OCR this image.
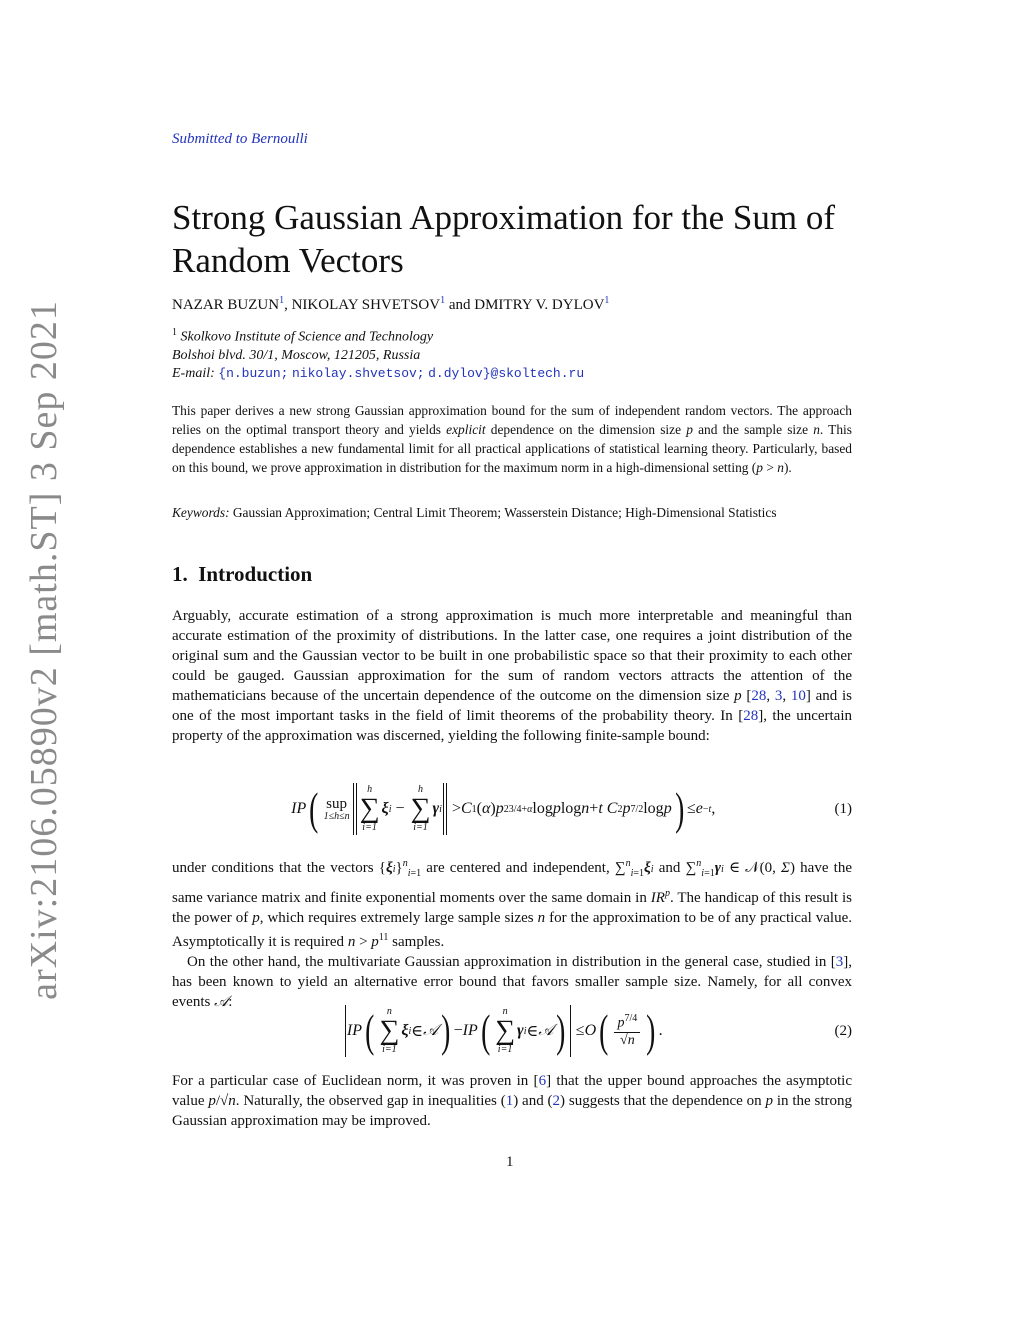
arXiv:2106.05890v2 [math.ST] 3 Sep 2021
Submitted to Bernoulli
Strong Gaussian Approximation for the Sum of Random Vectors
NAZAR BUZUN$^1$, NIKOLAY SHVETSOV$^1$ and DMITRY V. DYLOV$^1$
$^1$ Skolkovo Institute of Science and Technology
Bolshoi blvd. 30/1, Moscow, 121205, Russia
E-mail: {n.buzun; nikolay.shvetsov; d.dylov}@skoltech.ru
This paper derives a new strong Gaussian approximation bound for the sum of independent random vectors. The approach relies on the optimal transport theory and yields explicit dependence on the dimension size p and the sample size n. This dependence establishes a new fundamental limit for all practical applications of statistical learning theory. Particularly, based on this bound, we prove approximation in distribution for the maximum norm in a high-dimensional setting (p > n).
Keywords: Gaussian Approximation; Central Limit Theorem; Wasserstein Distance; High-Dimensional Statistics
1. Introduction
Arguably, accurate estimation of a strong approximation is much more interpretable and meaningful than accurate estimation of the proximity of distributions. In the latter case, one requires a joint distribution of the original sum and the Gaussian vector to be built in one probabilistic space so that their proximity to each other could be gauged. Gaussian approximation for the sum of random vectors attracts the attention of the mathematicians because of the uncertain dependence of the outcome on the dimension size p [28, 3, 10] and is one of the most important tasks in the field of limit theorems of the probability theory. In [28], the uncertain property of the approximation was discerned, yielding the following finite-sample bound:
IP ( sup
1≤h≤n
h
∑
i=1
ξ i −
h
∑
i=1
γ i > C 1 ( α ) p 23/4+α log p log n + t C 2 p 7/2 log p ) ≤ e −t ,	(1)
under conditions that the vectors $\{\xi i\}^n_{i=1}$ are centered and independent, ∑$^n_{i=1}$ξi and ∑$^n_{i=1}$γi ∈ 𝒩(0, Σ) have the same variance matrix and finite exponential moments over the same domain in $IR^p$. The handicap of this result is the power of p, which requires extremely large sample sizes n for the approximation to be of any practical value. Asymptotically it is required $n > p^{11}$ samples.
On the other hand, the multivariate Gaussian approximation in distribution in the general case, studied in [3], has been known to yield an alternative error bound that favors smaller sample size. Namely, for all convex events 𝒜:
IP ( n
∑
i=1
ξ i ∈ 𝒜 ) − IP ( n
∑
i=1
γ i ∈ 𝒜 ) ≤ O ( $\frac{p^{7/4}}{√n}$ ) .	(2)
For a particular case of Euclidean norm, it was proven in [6] that the upper bound approaches the asymptotic value p/√n. Naturally, the observed gap in inequalities (1) and (2) suggests that the dependence on p in the strong Gaussian approximation may be improved.
1
